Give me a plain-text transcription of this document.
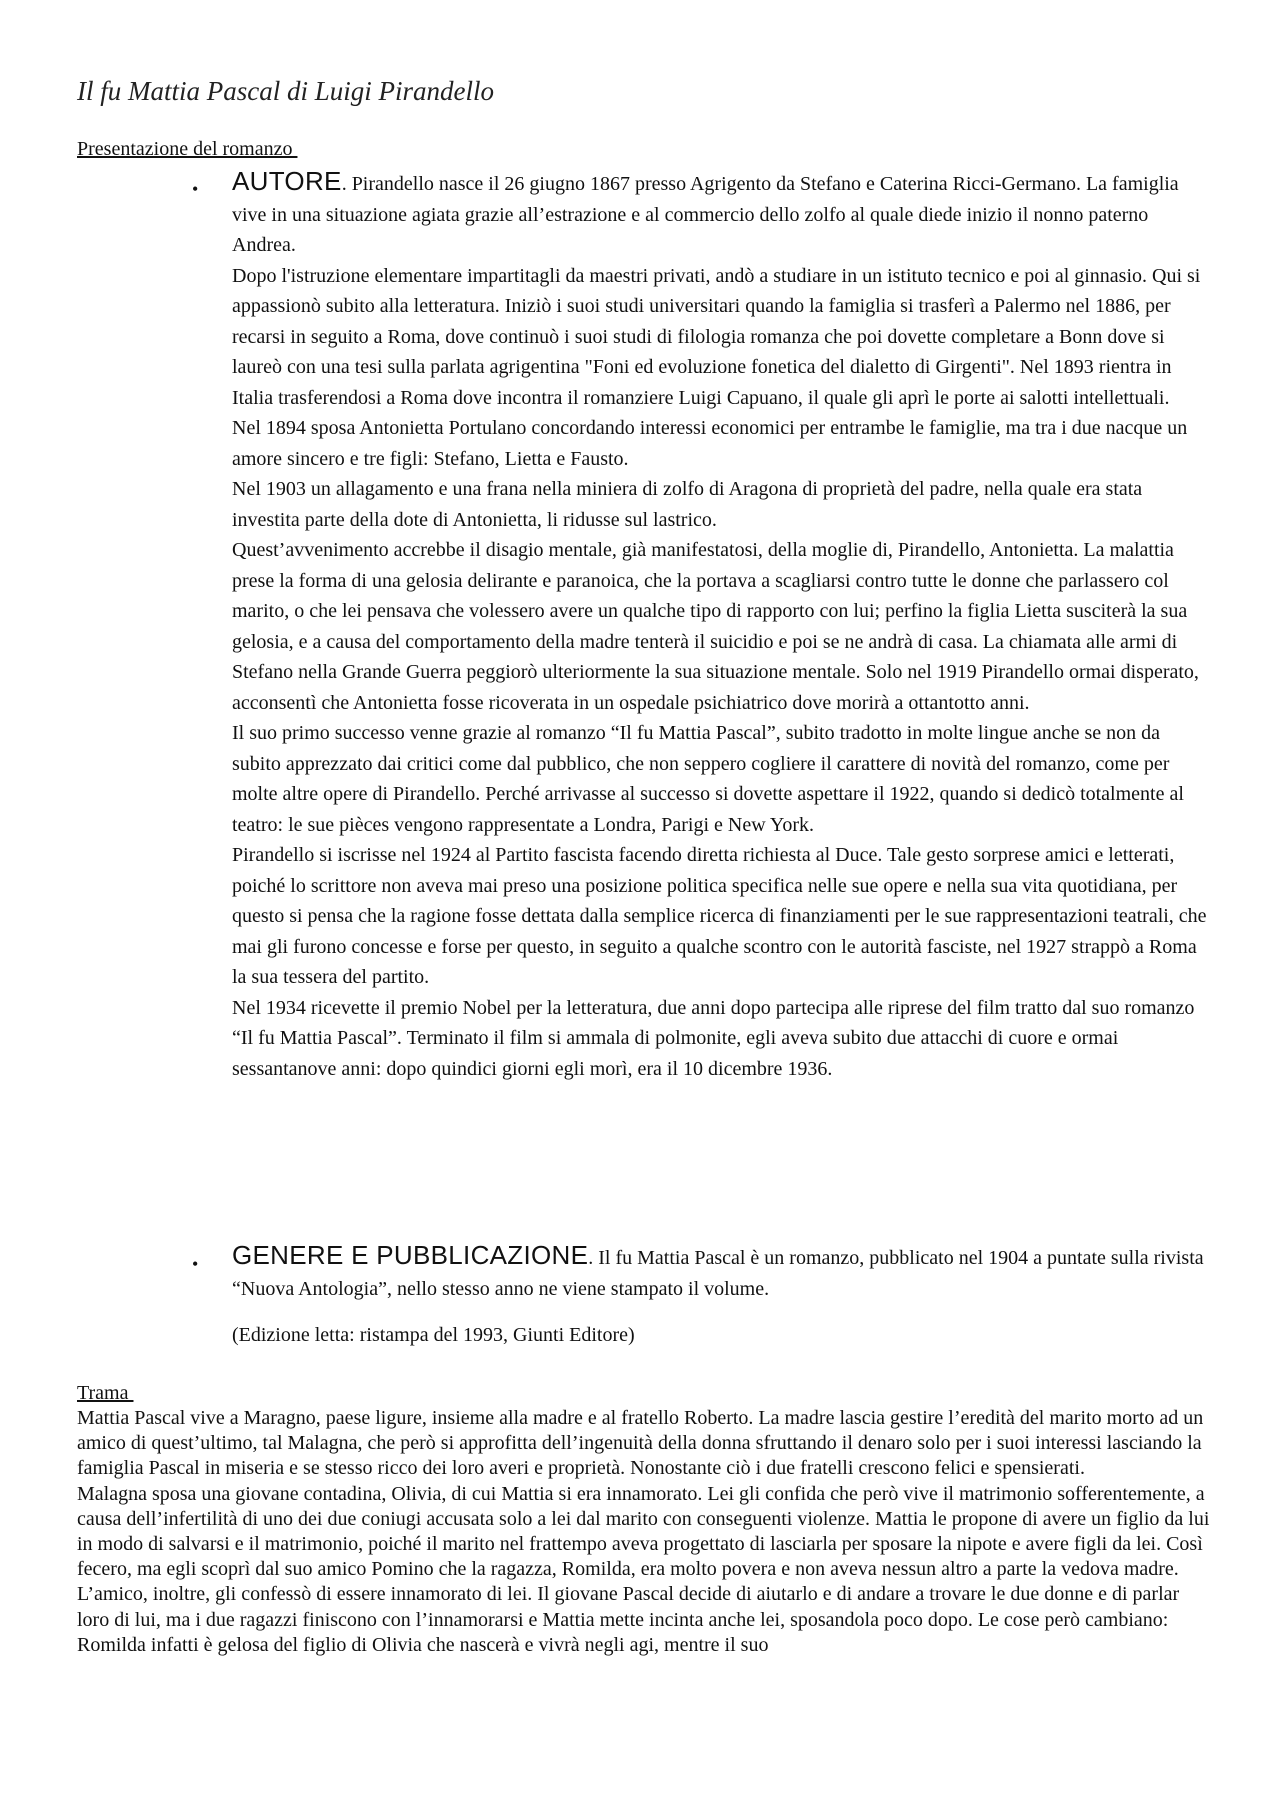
Il fu Mattia Pascal di Luigi Pirandello
Presentazione del romanzo
• AUTORE. Pirandello nasce il 26 giugno 1867 presso Agrigento da Stefano e Caterina Ricci-Germano. La famiglia vive in una situazione agiata grazie all’estrazione e al commercio dello zolfo al quale diede inizio il nonno paterno Andrea.

Dopo l'istruzione elementare impartitagli da maestri privati, andò a studiare in un istituto tecnico e poi al ginnasio. Qui si appassionò subito alla letteratura. Iniziò i suoi studi universitari quando la famiglia si trasferì a Palermo nel 1886, per recarsi in seguito a Roma, dove continuò i suoi studi di filologia romanza che poi dovette completare a Bonn dove si laureò con una tesi sulla parlata agrigentina "Foni ed evoluzione fonetica del dialetto di Girgenti". Nel 1893 rientra in Italia trasferendosi a Roma dove incontra il romanziere Luigi Capuano, il quale gli aprì le porte ai salotti intellettuali.

Nel 1894 sposa Antonietta Portulano concordando interessi economici per entrambe le famiglie, ma tra i due nacque un amore sincero e tre figli: Stefano, Lietta e Fausto.

Nel 1903 un allagamento e una frana nella miniera di zolfo di Aragona di proprietà del padre, nella quale era stata investita parte della dote di Antonietta, li ridusse sul lastrico.

Quest’avvenimento accrebbe il disagio mentale, già manifestatosi, della moglie di, Pirandello, Antonietta. La malattia prese la forma di una gelosia delirante e paranoica, che la portava a scagliarsi contro tutte le donne che parlassero col marito, o che lei pensava che volessero avere un qualche tipo di rapporto con lui; perfino la figlia Lietta susciterà la sua gelosia, e a causa del comportamento della madre tenterà il suicidio e poi se ne andrà di casa. La chiamata alle armi di Stefano nella Grande Guerra peggiorò ulteriormente la sua situazione mentale. Solo nel 1919 Pirandello ormai disperato, acconsentì che Antonietta fosse ricoverata in un ospedale psichiatrico dove morirà a ottantotto anni.

Il suo primo successo venne grazie al romanzo “Il fu Mattia Pascal”, subito tradotto in molte lingue anche se non da subito apprezzato dai critici come dal pubblico, che non seppero cogliere il carattere di novità del romanzo, come per molte altre opere di Pirandello. Perché arrivasse al successo si dovette aspettare il 1922, quando si dedicò totalmente al teatro: le sue pièces vengono rappresentate a Londra, Parigi e New York.

Pirandello si iscrisse nel 1924 al Partito fascista facendo diretta richiesta al Duce. Tale gesto sorprese amici e letterati, poiché lo scrittore non aveva mai preso una posizione politica specifica nelle sue opere e nella sua vita quotidiana, per questo si pensa che la ragione fosse dettata dalla semplice ricerca di finanziamenti per le sue rappresentazioni teatrali, che mai gli furono concesse e forse per questo, in seguito a qualche scontro con le autorità fasciste, nel 1927 strappò a Roma la sua tessera del partito.

Nel 1934 ricevette il premio Nobel per la letteratura, due anni dopo partecipa alle riprese del film tratto dal suo romanzo “Il fu Mattia Pascal”. Terminato il film si ammala di polmonite, egli aveva subito due attacchi di cuore e ormai sessantanove anni: dopo quindici giorni egli morì, era il 10 dicembre 1936.

• GENERE E PUBBLICAZIONE. Il fu Mattia Pascal è un romanzo, pubblicato nel 1904 a puntate sulla rivista “Nuova Antologia”, nello stesso anno ne viene stampato il volume.

(Edizione letta: ristampa del 1993, Giunti Editore)
Trama

Mattia Pascal vive a Maragno, paese ligure, insieme alla madre e al fratello Roberto. La madre lascia gestire l’eredità del marito morto ad un amico di quest’ultimo, tal Malagna, che però si approfitta dell’ingenuità della donna sfruttando il denaro solo per i suoi interessi lasciando la famiglia Pascal in miseria e se stesso ricco dei loro averi e proprietà. Nonostante ciò i due fratelli crescono felici e spensierati.

Malagna sposa una giovane contadina, Olivia, di cui Mattia si era innamorato. Lei gli confida che però vive il matrimonio sofferentemente, a causa dell’infertilità di uno dei due coniugi accusata solo a lei dal marito con conseguenti violenze. Mattia le propone di avere un figlio da lui in modo di salvarsi e il matrimonio, poiché il marito nel frattempo aveva progettato di lasciarla per sposare la nipote e avere figli da lei. Così fecero, ma egli scoprì dal suo amico Pomino che la ragazza, Romilda, era molto povera e non aveva nessun altro a parte la vedova madre. L’amico, inoltre, gli confessò di essere innamorato di lei. Il giovane Pascal decide di aiutarlo e di andare a trovare le due donne e di parlar loro di lui, ma i due ragazzi finiscono con l’innamorarsi e Mattia mette incinta anche lei, sposandola poco dopo. Le cose però cambiano: Romilda infatti è gelosa del figlio di Olivia che nascerà e vivrà negli agi, mentre il suo
